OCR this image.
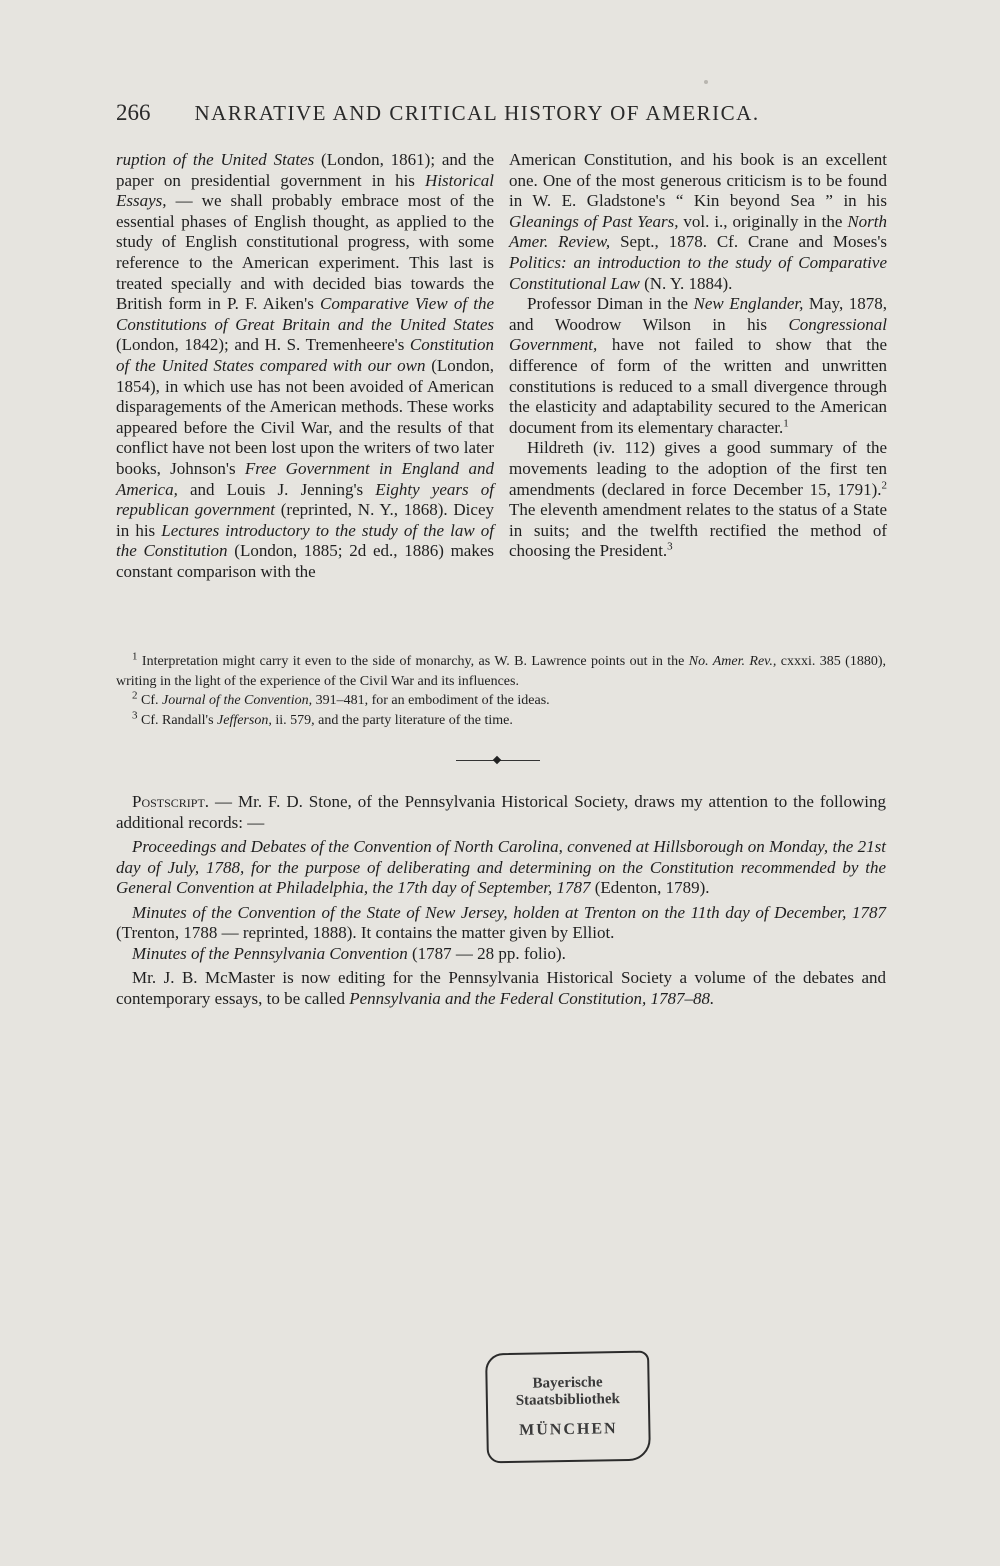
266 NARRATIVE AND CRITICAL HISTORY OF AMERICA.

ruption of the United States (London, 1861); and the paper on presidential government in his Historical Essays, — we shall probably embrace most of the essential phases of English thought, as applied to the study of English constitutional progress, with some reference to the American experiment. This last is treated specially and with decided bias towards the British form in P. F. Aiken's Comparative View of the Constitutions of Great Britain and the United States (London, 1842); and H. S. Tremenheere's Constitution of the United States compared with our own (London, 1854), in which use has not been avoided of American disparagements of the American methods. These works appeared before the Civil War, and the results of that conflict have not been lost upon the writers of two later books, Johnson's Free Government in England and America, and Louis J. Jenning's Eighty years of republican government (reprinted, N. Y., 1868). Dicey in his Lectures introductory to the study of the law of the Constitution (London, 1885; 2d ed., 1886) makes constant comparison with the

American Constitution, and his book is an excellent one. One of the most generous criticism is to be found in W. E. Gladstone's “ Kin beyond Sea ” in his Gleanings of Past Years, vol. i., originally in the North Amer. Review, Sept., 1878. Cf. Crane and Moses's Politics: an introduction to the study of Comparative Constitutional Law (N. Y. 1884).

Professor Diman in the New Englander, May, 1878, and Woodrow Wilson in his Congressional Government, have not failed to show that the difference of form of the written and unwritten constitutions is reduced to a small divergence through the elasticity and adaptability secured to the American document from its elementary character.$^1$

Hildreth (iv. 112) gives a good summary of the movements leading to the adoption of the first ten amendments (declared in force December 15, 1791).$^2$ The eleventh amendment relates to the status of a State in suits; and the twelfth rectified the method of choosing the President.$^3$

$^1$ Interpretation might carry it even to the side of monarchy, as W. B. Lawrence points out in the No. Amer. Rev., cxxxi. 385 (1880), writing in the light of the experience of the Civil War and its influences.

$^2$ Cf. Journal of the Convention, 391–481, for an embodiment of the ideas.

$^3$ Cf. Randall's Jefferson, ii. 579, and the party literature of the time.

Postscript. — Mr. F. D. Stone, of the Pennsylvania Historical Society, draws my attention to the following additional records: —

Proceedings and Debates of the Convention of North Carolina, convened at Hillsborough on Monday, the 21st day of July, 1788, for the purpose of deliberating and determining on the Constitution recommended by the General Convention at Philadelphia, the 17th day of September, 1787 (Edenton, 1789).

Minutes of the Convention of the State of New Jersey, holden at Trenton on the 11th day of December, 1787 (Trenton, 1788 — reprinted, 1888). It contains the matter given by Elliot.

Minutes of the Pennsylvania Convention (1787 — 28 pp. folio).

Mr. J. B. McMaster is now editing for the Pennsylvania Historical Society a volume of the debates and contemporary essays, to be called Pennsylvania and the Federal Constitution, 1787–88.

Bayerische
Staatsbibliothek
MÜNCHEN
